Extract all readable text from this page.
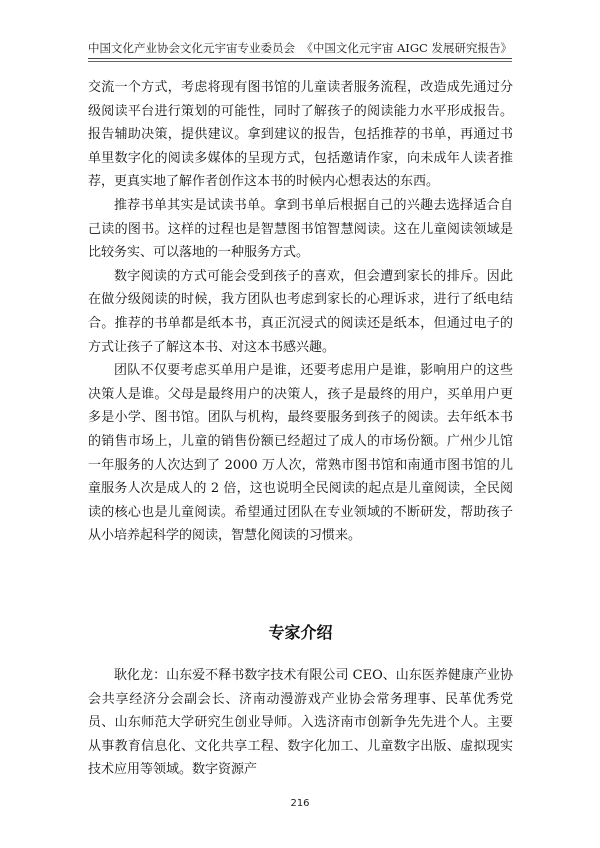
中国文化产业协会文化元宇宙专业委员会 《中国文化元宇宙 AIGC 发展研究报告》

交流一个方式，考虑将现有图书馆的儿童读者服务流程，改造成先通过分级阅读平台进行策划的可能性，同时了解孩子的阅读能力水平形成报告。报告辅助决策，提供建议。拿到建议的报告，包括推荐的书单，再通过书单里数字化的阅读多媒体的呈现方式，包括邀请作家，向未成年人读者推荐，更真实地了解作者创作这本书的时候内心想表达的东西。

推荐书单其实是试读书单。拿到书单后根据自己的兴趣去选择适合自己读的图书。这样的过程也是智慧图书馆智慧阅读。这在儿童阅读领域是比较务实、可以落地的一种服务方式。

数字阅读的方式可能会受到孩子的喜欢，但会遭到家长的排斥。因此在做分级阅读的时候，我方团队也考虑到家长的心理诉求，进行了纸电结合。推荐的书单都是纸本书，真正沉浸式的阅读还是纸本，但通过电子的方式让孩子了解这本书、对这本书感兴趣。

团队不仅要考虑买单用户是谁，还要考虑用户是谁，影响用户的这些决策人是谁。父母是最终用户的决策人，孩子是最终的用户，买单用户更多是小学、图书馆。团队与机构，最终要服务到孩子的阅读。去年纸本书的销售市场上，儿童的销售份额已经超过了成人的市场份额。广州少儿馆一年服务的人次达到了 2000 万人次，常熟市图书馆和南通市图书馆的儿童服务人次是成人的 2 倍，这也说明全民阅读的起点是儿童阅读，全民阅读的核心也是儿童阅读。希望通过团队在专业领域的不断研发，帮助孩子从小培养起科学的阅读，智慧化阅读的习惯来。

专家介绍

耿化龙：山东爱不释书数字技术有限公司 CEO、山东医养健康产业协会共享经济分会副会长、济南动漫游戏产业协会常务理事、民革优秀党员、山东师范大学研究生创业导师。入选济南市创新争先先进个人。主要从事教育信息化、文化共享工程、数字化加工、儿童数字出版、虚拟现实技术应用等领域。数字资源产

216
